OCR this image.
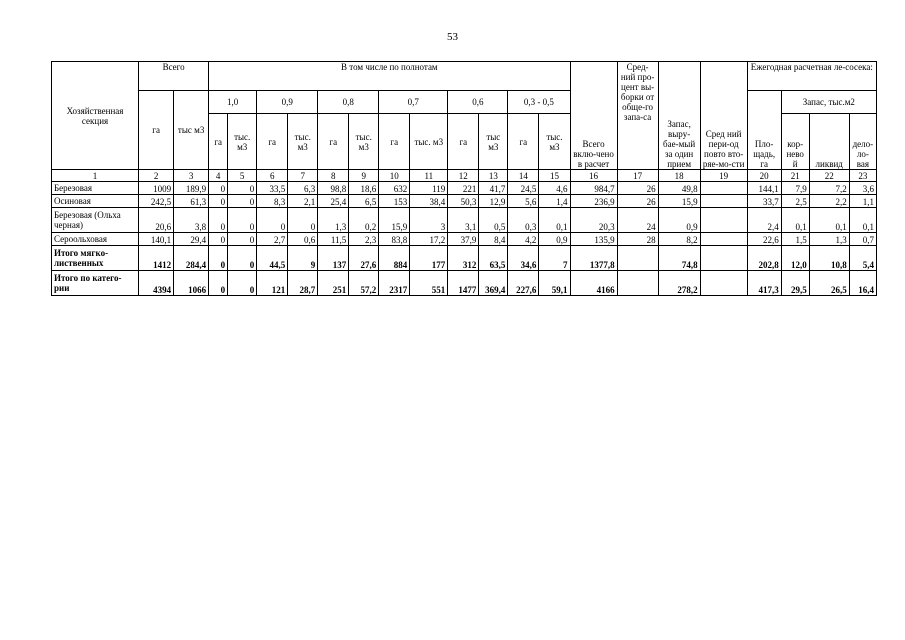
53
Хозяйственная секция	Всего		В том числе по полнотам												Всего вклю-чено в расчет	Сред-ний про-цент вы-борки от обще-го запа-са	Запас, выру-бае-мый за один прием	Сред ний пери-од повто вто-ряе-мо-сти	Ежегодная расчетная ле-сосека:			
	га	тыс м3	1,0		0,9		0,8		0,7		0,6		0,3 - 0,5						Пло-щадь, га	Запас, тыс.м2		
			га	тыс. м3	га	тыс. м3	га	тыс. м3	га	тыс. м3	га	тыс м3	га	тыс. м3						кор-нево й	ликвид	дело-ло-вая

1	2	3	4	5	6	7	8	9	10	11	12	13	14	15	16	17	18	19	20	21	22	23
Березовая	1009	189,9	0	0	33,5	6,3	98,8	18,6	632	119	221	41,7	24,5	4,6	984,7	26	49,8		144,1	7,9	7,2	3,6
Осиновая	242,5	61,3	0	0	8,3	2,1	25,4	6,5	153	38,4	50,3	12,9	5,6	1,4	236,9	26	15,9		33,7	2,5	2,2	1,1
Березовая (Ольха черная)	20,6	3,8	0	0	0	0	1,3	0,2	15,9	3	3,1	0,5	0,3	0,1	20,3	24	0,9		2,4	0,1	0,1	0,1
Сероольховая	140,1	29,4	0	0	2,7	0,6	11,5	2,3	83,8	17,2	37,9	8,4	4,2	0,9	135,9	28	8,2		22,6	1,5	1,3	0,7
Итого мягко-лиственных	1412	284,4	0	0	44,5	9	137	27,6	884	177	312	63,5	34,6	7	1377,8		74,8		202,8	12,0	10,8	5,4
Итого по катего-рии	4394	1066	0	0	121	28,7	251	57,2	2317	551	1477	369,4	227,6	59,1	4166		278,2		417,3	29,5	26,5	16,4
